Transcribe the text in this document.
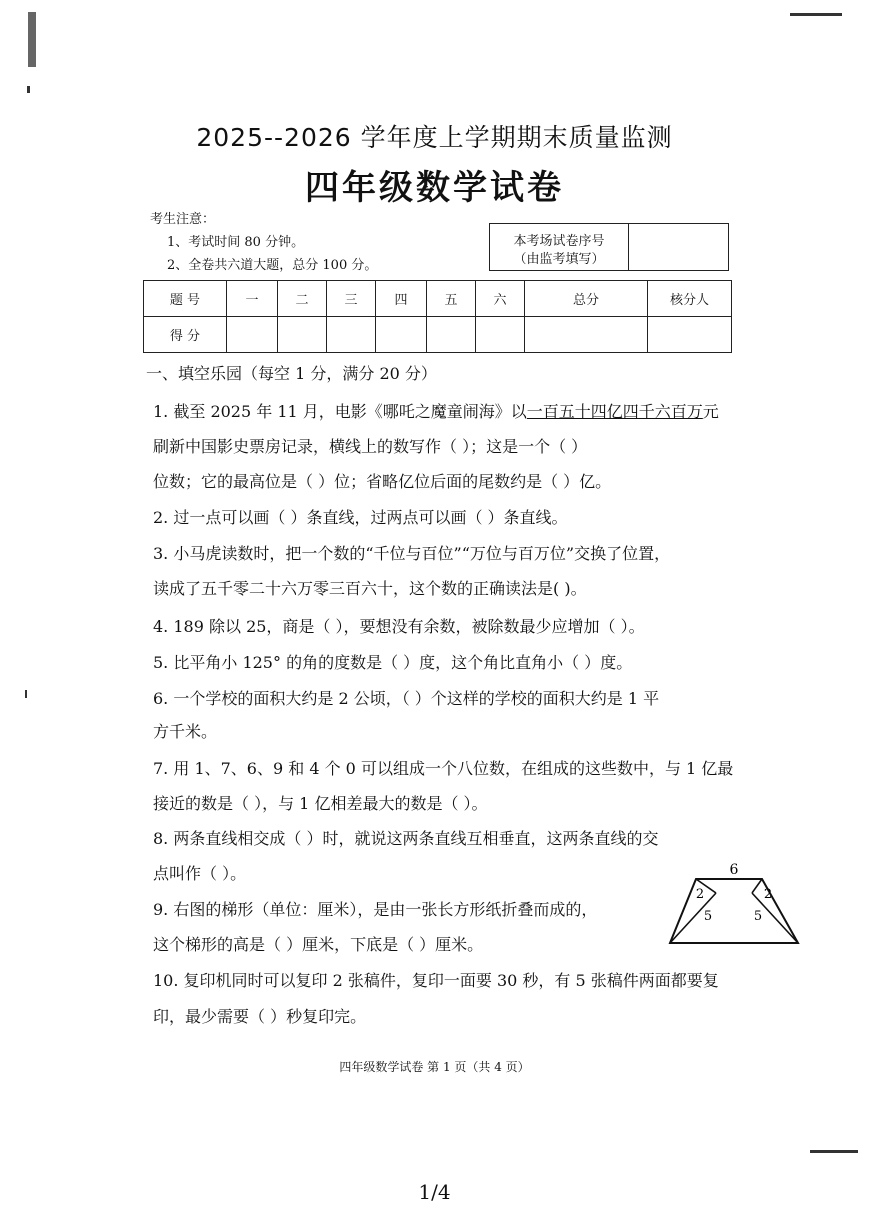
2025--2026 学年度上学期期末质量监测
四年级数学试卷
考生注意：
1、考试时间 80 分钟。
2、全卷共六道大题，总分 100 分。
本考场试卷序号
（由监考填写）
题 号	一	二	三	四	五	六	总分	核分人
得 分								
一、填空乐园（每空 1 分，满分 20 分）
1. 截至 2025 年 11 月，电影《哪吒之魔童闹海》以一百五十四亿四千六百万元
刷新中国影史票房记录，横线上的数写作（ ）；这是一个（ ）
位数；它的最高位是（ ）位；省略亿位后面的尾数约是（ ）亿。
2. 过一点可以画（ ）条直线，过两点可以画（ ）条直线。
3. 小马虎读数时，把一个数的“千位与百位”“万位与百万位”交换了位置，
读成了五千零二十六万零三百六十，这个数的正确读法是( )。
4. 189 除以 25，商是（ ），要想没有余数，被除数最少应增加（ ）。
5. 比平角小 125° 的角的度数是（ ）度，这个角比直角小（ ）度。
6. 一个学校的面积大约是 2 公顷，（ ）个这样的学校的面积大约是 1 平
方千米。
7. 用 1、7、6、9 和 4 个 0 可以组成一个八位数，在组成的这些数中，与 1 亿最
接近的数是（ ），与 1 亿相差最大的数是（ ）。
8. 两条直线相交成（ ）时，就说这两条直线互相垂直，这两条直线的交
点叫作（ ）。
9. 右图的梯形（单位：厘米），是由一张长方形纸折叠而成的，
这个梯形的高是（ ）厘米，下底是（ ）厘米。
10. 复印机同时可以复印 2 张稿件，复印一面要 30 秒，有 5 张稿件两面都要复
印，最少需要（ ）秒复印完。
6
2
5
2
5
四年级数学试卷 第 1 页（共 4 页）
1/4
